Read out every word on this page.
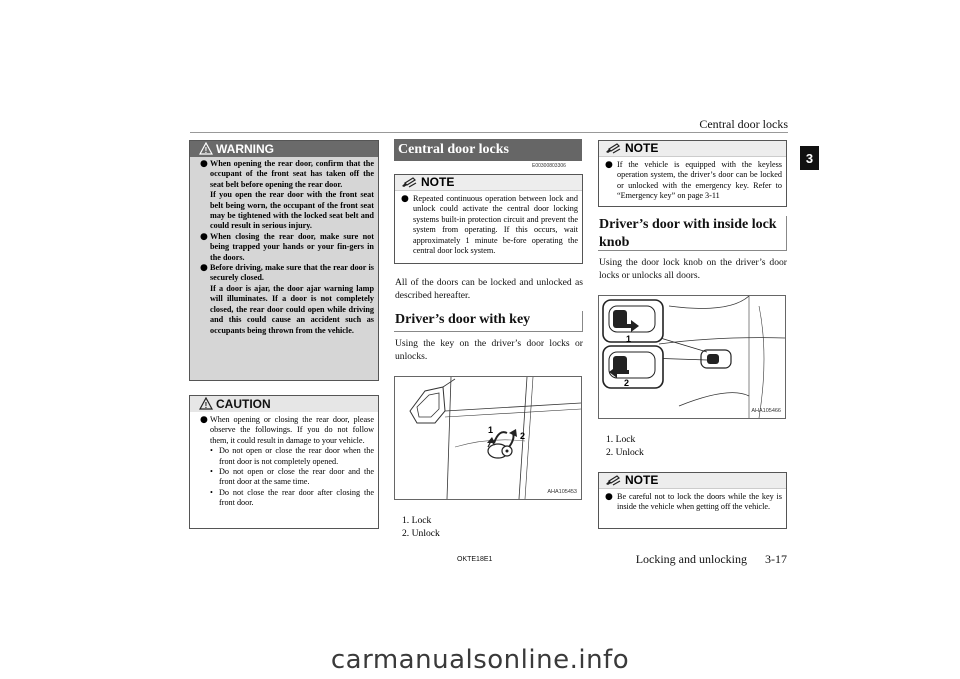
Central door locks
3
! WARNING
● When opening the rear door, confirm that the occupant of the front seat has taken off the seat belt before opening the rear door.
If you open the rear door with the front seat belt being worn, the occupant of the front seat may be tightened with the locked seat belt and could result in serious injury.
● When closing the rear door, make sure not being trapped your hands or your fin-gers in the doors.
● Before driving, make sure that the rear door is securely closed.
If a door is ajar, the door ajar warning lamp will illuminates. If a door is not completely closed, the rear door could open while driving and this could cause an accident such as occupants being thrown from the vehicle.
! CAUTION
● When opening or closing the rear door, please observe the followings. If you do not follow them, it could result in damage to your vehicle.
• Do not open or close the rear door when the front door is not completely opened.
• Do not open or close the rear door and the front door at the same time.
• Do not close the rear door after closing the front door.
Central door locks
E00300803306
NOTE
● Repeated continuous operation between lock and unlock could activate the central door locking systems built-in protection circuit and prevent the system from operating. If this occurs, wait approximately 1 minute be-fore operating the central door lock system.
All of the doors can be locked and unlocked as described hereafter.
Driver’s door with key
Using the key on the driver’s door locks or unlocks.
1
2
AHA105453
1. Lock
2. Unlock
NOTE
● If the vehicle is equipped with the keyless operation system, the driver’s door can be locked or unlocked with the emergency key. Refer to “Emergency key” on page 3-11
Driver’s door with inside lock
knob
Using the door lock knob on the driver’s door locks or unlocks all doors.
1
2
AHA105466
1. Lock
2. Unlock
NOTE
● Be careful not to lock the doors while the key is inside the vehicle when getting off the vehicle.
OKTE18E1	Locking and unlocking 3-17
carmanualsonline.info
